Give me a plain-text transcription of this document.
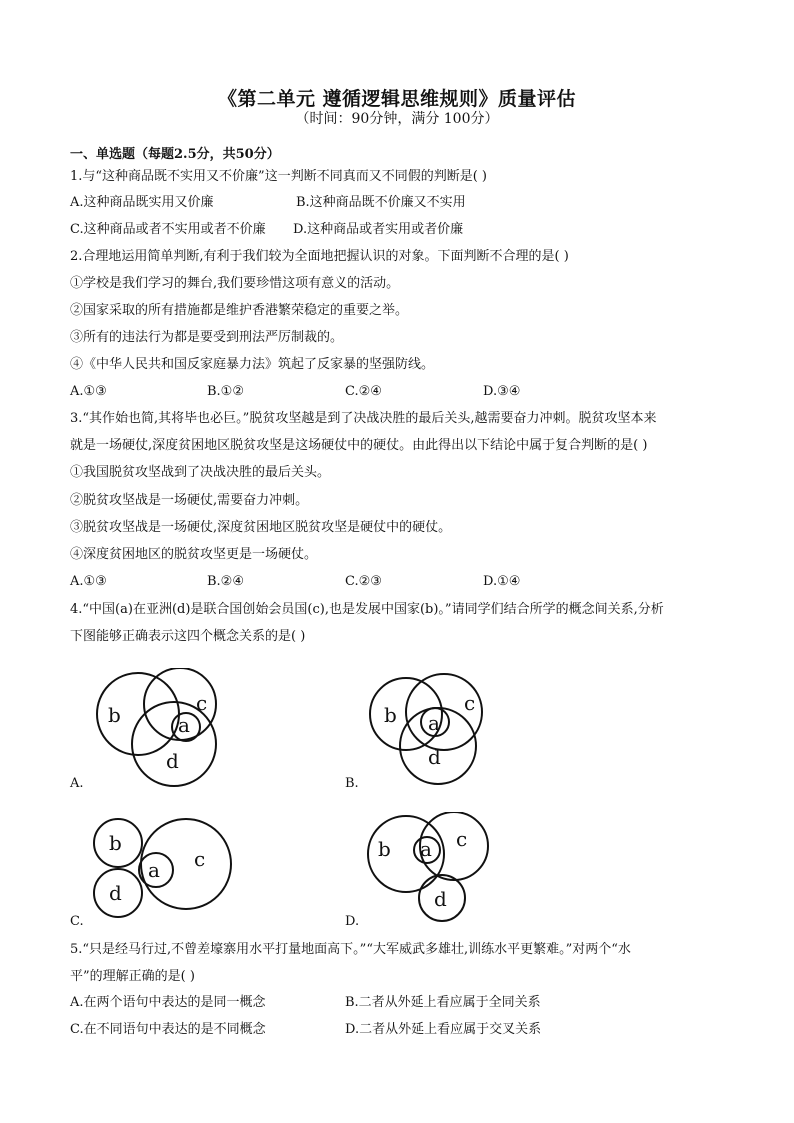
《第二单元 遵循逻辑思维规则》质量评估
（时间：90分钟，满分 100分）
一、单选题（每题2.5分，共50分）
1.与“这种商品既不实用又不价廉”这一判断不同真而又不同假的判断是( )
A.这种商品既实用又价廉	B.这种商品既不价廉又不实用
C.这种商品或者不实用或者不价廉 D.这种商品或者实用或者价廉
2.合理地运用简单判断,有利于我们较为全面地把握认识的对象。下面判断不合理的是( )
①学校是我们学习的舞台,我们要珍惜这项有意义的活动。
②国家采取的所有措施都是维护香港繁荣稳定的重要之举。
③所有的违法行为都是要受到刑法严厉制裁的。
④《中华人民共和国反家庭暴力法》筑起了反家暴的坚强防线。
A.①③	B.①②	C.②④	D.③④
3.“其作始也简,其将毕也必巨。”脱贫攻坚越是到了决战决胜的最后关头,越需要奋力冲刺。脱贫攻坚本来
就是一场硬仗,深度贫困地区脱贫攻坚是这场硬仗中的硬仗。由此得出以下结论中属于复合判断的是( )
①我国脱贫攻坚战到了决战决胜的最后关头。
②脱贫攻坚战是一场硬仗,需要奋力冲刺。
③脱贫攻坚战是一场硬仗,深度贫困地区脱贫攻坚是硬仗中的硬仗。
④深度贫困地区的脱贫攻坚更是一场硬仗。
A.①③	B.②④	C.②③	D.①④
4.“中国(a)在亚洲(d)是联合国创始会员国(c),也是发展中国家(b)。”请同学们结合所学的概念间关系,分析
下图能够正确表示这四个概念关系的是( )
b	c
a
d
A.
b	c
a
d
B.
b
d
a c
C.
b	c
a
d
D.
5.“只是经马行过,不曾差壕寨用水平打量地面高下。”“大军威武多雄壮,训练水平更繁难。”对两个“水
平”的理解正确的是( )
A.在两个语句中表达的是同一概念	B.二者从外延上看应属于全同关系
C.在不同语句中表达的是不同概念	D.二者从外延上看应属于交叉关系
